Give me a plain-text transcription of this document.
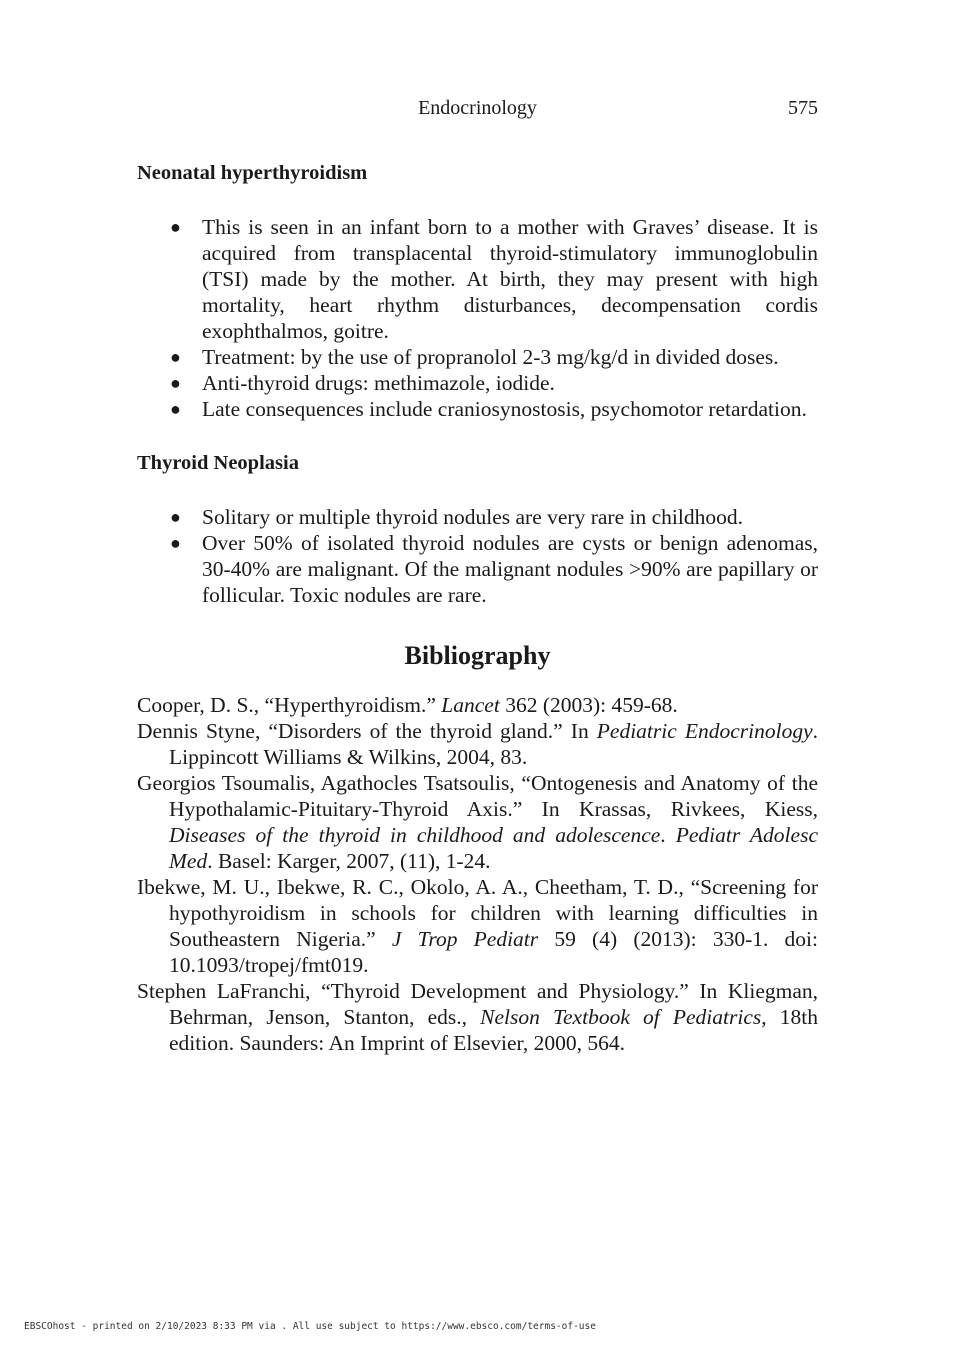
Endocrinology	575
Neonatal hyperthyroidism
● This is seen in an infant born to a mother with Graves’ disease. It is acquired from transplacental thyroid-stimulatory immunoglobulin (TSI) made by the mother. At birth, they may present with high mortality, heart rhythm disturbances, decompensation cordis exophthalmos, goitre.
● Treatment: by the use of propranolol 2-3 mg/kg/d in divided doses.
● Anti-thyroid drugs: methimazole, iodide.
● Late consequences include craniosynostosis, psychomotor retardation.
Thyroid Neoplasia
● Solitary or multiple thyroid nodules are very rare in childhood.
● Over 50% of isolated thyroid nodules are cysts or benign adenomas, 30-40% are malignant. Of the malignant nodules >90% are papillary or follicular. Toxic nodules are rare.
Bibliography

Cooper, D. S., “Hyperthyroidism.” Lancet 362 (2003): 459-68.

Dennis Styne, “Disorders of the thyroid gland.” In Pediatric Endocrinology. Lippincott Williams & Wilkins, 2004, 83.

Georgios Tsoumalis, Agathocles Tsatsoulis, “Ontogenesis and Anatomy of the Hypothalamic-Pituitary-Thyroid Axis.” In Krassas, Rivkees, Kiess, Diseases of the thyroid in childhood and adolescence. Pediatr Adolesc Med. Basel: Karger, 2007, (11), 1-24.

Ibekwe, M. U., Ibekwe, R. C., Okolo, A. A., Cheetham, T. D., “Screening for hypothyroidism in schools for children with learning difficulties in Southeastern Nigeria.” J Trop Pediatr 59 (4) (2013): 330-1. doi: 10.1093/tropej/fmt019.

Stephen LaFranchi, “Thyroid Development and Physiology.” In Kliegman, Behrman, Jenson, Stanton, eds., Nelson Textbook of Pediatrics, 18th edition. Saunders: An Imprint of Elsevier, 2000, 564.

EBSCOhost - printed on 2/10/2023 8:33 PM via . All use subject to https://www.ebsco.com/terms-of-use
